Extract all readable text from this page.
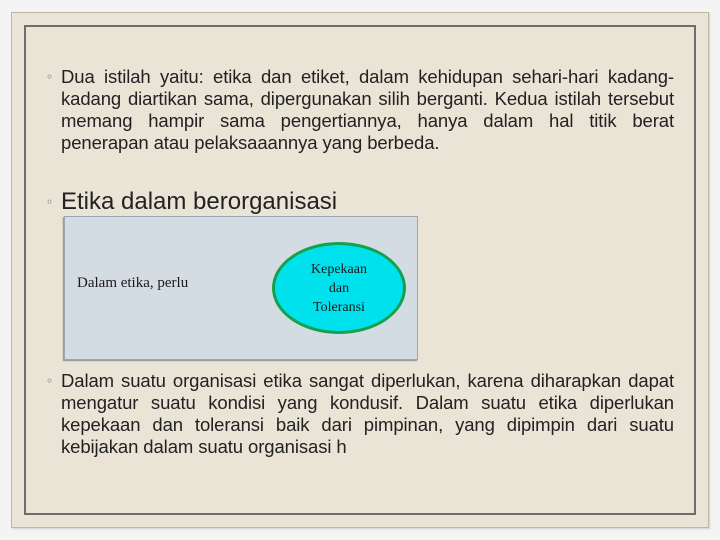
◦ Dua istilah yaitu: etika dan etiket, dalam kehidupan sehari-hari kadang-kadang diartikan sama, dipergunakan silih berganti. Kedua istilah tersebut memang hampir sama pengertiannya, hanya dalam hal titik berat penerapan atau pelaksaaannya yang berbeda.

◦ Etika dalam berorganisasi

Dalam etika, perlu
Kepekaan
dan
Toleransi
◦ Dalam suatu organisasi etika sangat diperlukan, karena diharapkan dapat mengatur suatu kondisi yang kondusif. Dalam suatu etika diperlukan kepekaan dan toleransi baik dari pimpinan, yang dipimpin dari suatu kebijakan dalam suatu organisasi h
